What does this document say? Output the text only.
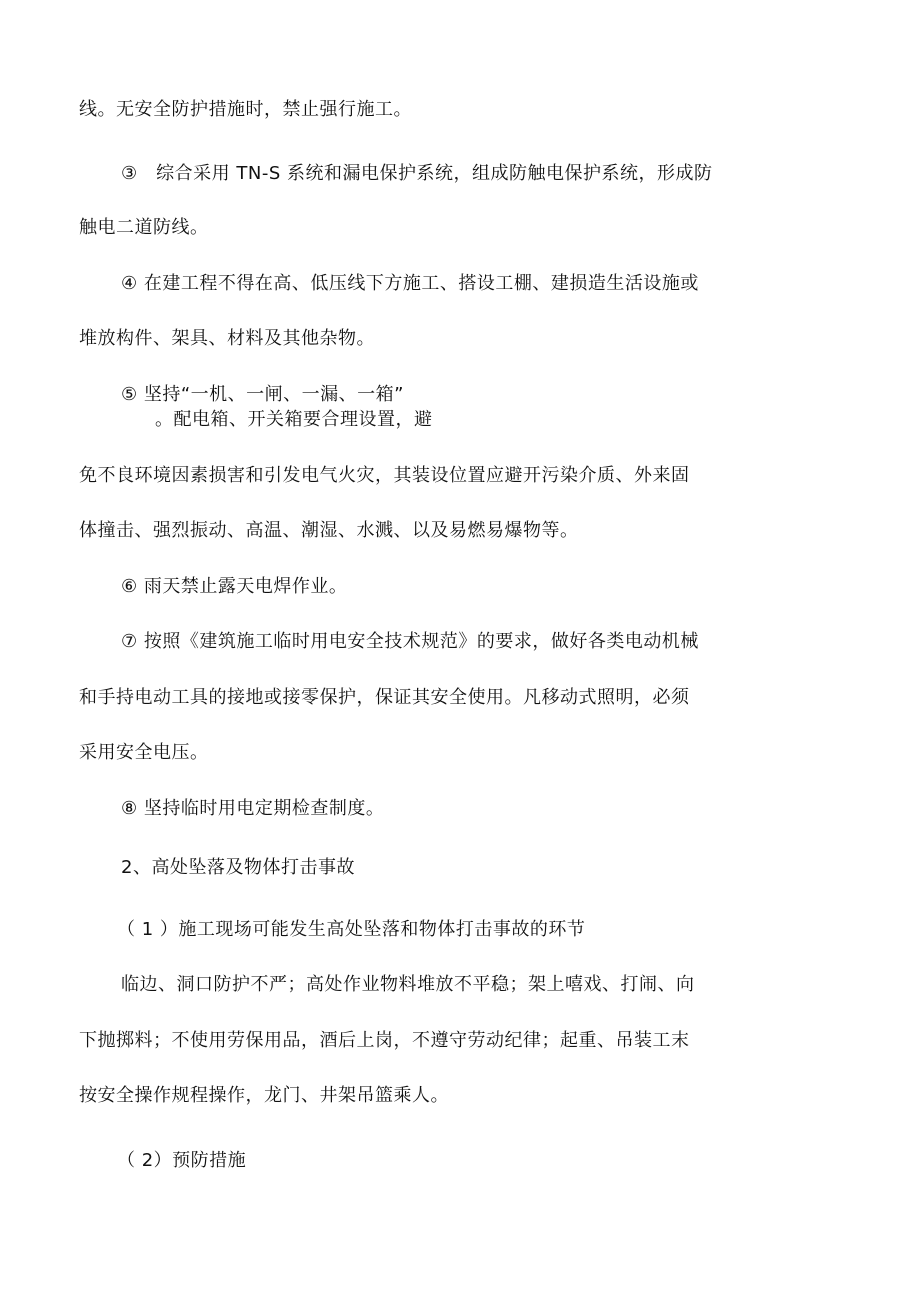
线。无安全防护措施时，禁止强行施工。
③　综合采用 TN-S 系统和漏电保护系统，组成防触电保护系统，形成防
触电二道防线。
④ 在建工程不得在高、低压线下方施工、搭设工棚、建损造生活设施或
堆放构件、架具、材料及其他杂物。
⑤ 坚持“一机、一闸、一漏、一箱”
。配电箱、开关箱要合理设置，避
免不良环境因素损害和引发电气火灾，其装设位置应避开污染介质、外来固
体撞击、强烈振动、高温、潮湿、水溅、以及易燃易爆物等。
⑥ 雨天禁止露天电焊作业。
⑦ 按照《建筑施工临时用电安全技术规范》的要求，做好各类电动机械
和手持电动工具的接地或接零保护，保证其安全使用。凡移动式照明，必须
采用安全电压。
⑧ 坚持临时用电定期检查制度。
2、高处坠落及物体打击事故
（ 1 ）施工现场可能发生高处坠落和物体打击事故的环节
临边、洞口防护不严；高处作业物料堆放不平稳；架上嘻戏、打闹、向
下抛掷料；不使用劳保用品，酒后上岗，不遵守劳动纪律；起重、吊装工末
按安全操作规程操作，龙门、井架吊篮乘人。
（ 2）预防措施
